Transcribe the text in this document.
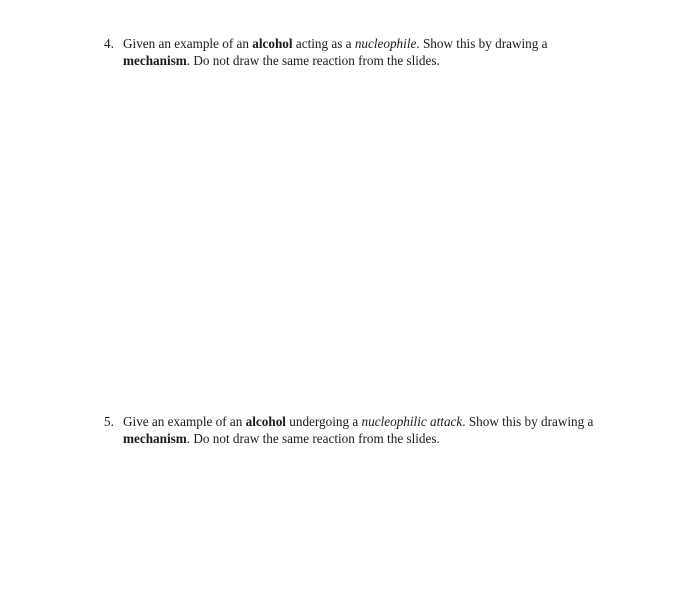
4. Given an example of an alcohol acting as a nucleophile. Show this by drawing a
mechanism. Do not draw the same reaction from the slides.
5. Give an example of an alcohol undergoing a nucleophilic attack. Show this by drawing a
mechanism. Do not draw the same reaction from the slides.
